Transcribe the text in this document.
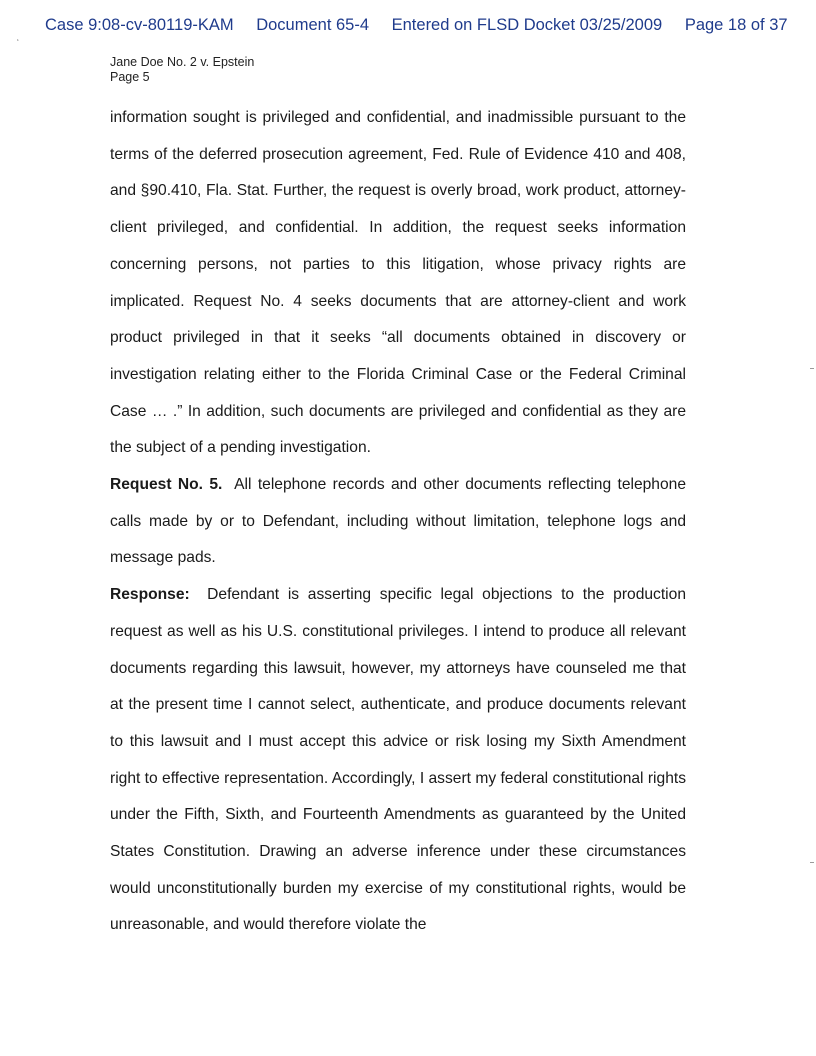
Case 9:08-cv-80119-KAM Document 65-4 Entered on FLSD Docket 03/25/2009 Page 18 of 37
‘
Jane Doe No. 2 v. Epstein
Page 5

information sought is privileged and confidential, and inadmissible pursuant to the terms of the deferred prosecution agreement, Fed. Rule of Evidence 410 and 408, and §90.410, Fla. Stat. Further, the request is overly broad, work product, attorney-client privileged, and confidential. In addition, the request seeks information concerning persons, not parties to this litigation, whose privacy rights are implicated. Request No. 4 seeks documents that are attorney-client and work product privileged in that it seeks “all documents obtained in discovery or investigation relating either to the Florida Criminal Case or the Federal Criminal Case … .” In addition, such documents are privileged and confidential as they are the subject of a pending investigation.

Request No. 5. All telephone records and other documents reflecting telephone calls made by or to Defendant, including without limitation, telephone logs and message pads.

Response: Defendant is asserting specific legal objections to the production request as well as his U.S. constitutional privileges. I intend to produce all relevant documents regarding this lawsuit, however, my attorneys have counseled me that at the present time I cannot select, authenticate, and produce documents relevant to this lawsuit and I must accept this advice or risk losing my Sixth Amendment right to effective representation. Accordingly, I assert my federal constitutional rights under the Fifth, Sixth, and Fourteenth Amendments as guaranteed by the United States Constitution. Drawing an adverse inference under these circumstances would unconstitutionally burden my exercise of my constitutional rights, would be unreasonable, and would therefore violate the
